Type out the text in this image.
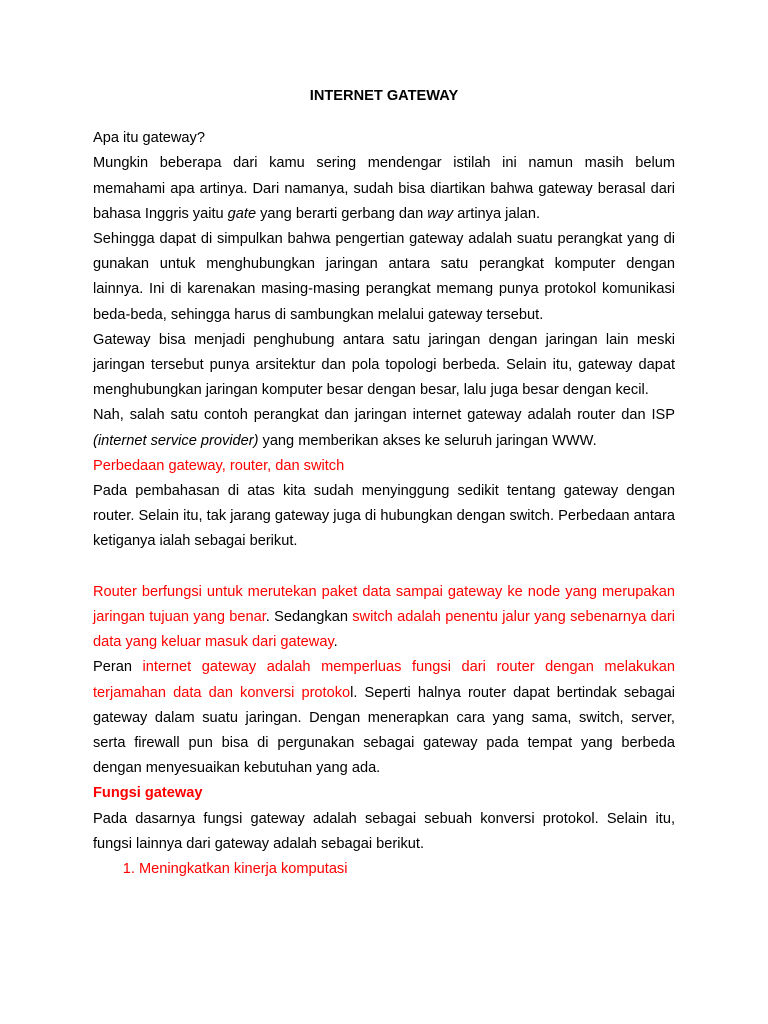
INTERNET GATEWAY

Apa itu gateway?

Mungkin beberapa dari kamu sering mendengar istilah ini namun masih belum memahami apa artinya. Dari namanya, sudah bisa diartikan bahwa gateway berasal dari bahasa Inggris yaitu gate yang berarti gerbang dan way artinya jalan.

Sehingga dapat di simpulkan bahwa pengertian gateway adalah suatu perangkat yang di gunakan untuk menghubungkan jaringan antara satu perangkat komputer dengan lainnya. Ini di karenakan masing-masing perangkat memang punya protokol komunikasi beda-beda, sehingga harus di sambungkan melalui gateway tersebut.

Gateway bisa menjadi penghubung antara satu jaringan dengan jaringan lain meski jaringan tersebut punya arsitektur dan pola topologi berbeda. Selain itu, gateway dapat menghubungkan jaringan komputer besar dengan besar, lalu juga besar dengan kecil.

Nah, salah satu contoh perangkat dan jaringan internet gateway adalah router dan ISP (internet service provider) yang memberikan akses ke seluruh jaringan WWW.

Perbedaan gateway, router, dan switch

Pada pembahasan di atas kita sudah menyinggung sedikit tentang gateway dengan router. Selain itu, tak jarang gateway juga di hubungkan dengan switch. Perbedaan antara ketiganya ialah sebagai berikut.

Router berfungsi untuk merutekan paket data sampai gateway ke node yang merupakan jaringan tujuan yang benar. Sedangkan switch adalah penentu jalur yang sebenarnya dari data yang keluar masuk dari gateway.

Peran internet gateway adalah memperluas fungsi dari router dengan melakukan terjamahan data dan konversi protokol. Seperti halnya router dapat bertindak sebagai gateway dalam suatu jaringan. Dengan menerapkan cara yang sama, switch, server, serta firewall pun bisa di pergunakan sebagai gateway pada tempat yang berbeda dengan menyesuaikan kebutuhan yang ada.

Fungsi gateway

Pada dasarnya fungsi gateway adalah sebagai sebuah konversi protokol. Selain itu, fungsi lainnya dari gateway adalah sebagai berikut.

1. Meningkatkan kinerja komputasi
